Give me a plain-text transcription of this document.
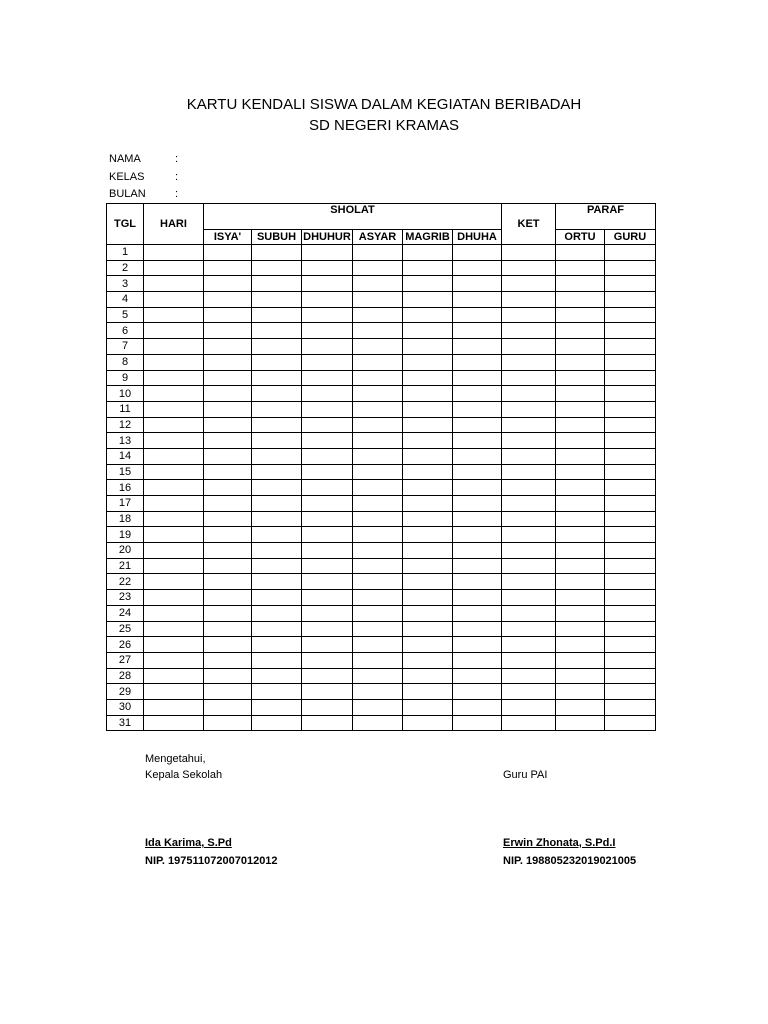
KARTU KENDALI SISWA DALAM KEGIATAN BERIBADAH
SD NEGERI KRAMAS
NAMA	:
KELAS	:
BULAN	:
TGL	HARI	SHOLAT						KET	PARAF	
		ISYA'	SUBUH	DHUHUR	ASYAR	MAGRIB	DHUHA		ORTU	GURU
1										
2										
3										
4										
5										
6										
7										
8										
9										
10										
11										
12										
13										
14										
15										
16										
17										
18										
19										
20										
21										
22										
23										
24										
25										
26										
27										
28										
29										
30										
31										
Mengetahui,
Kepala Sekolah	Guru PAI
Ida Karima, S.Pd
NIP. 197511072007012012
Erwin Zhonata, S.Pd.I
NIP. 198805232019021005
